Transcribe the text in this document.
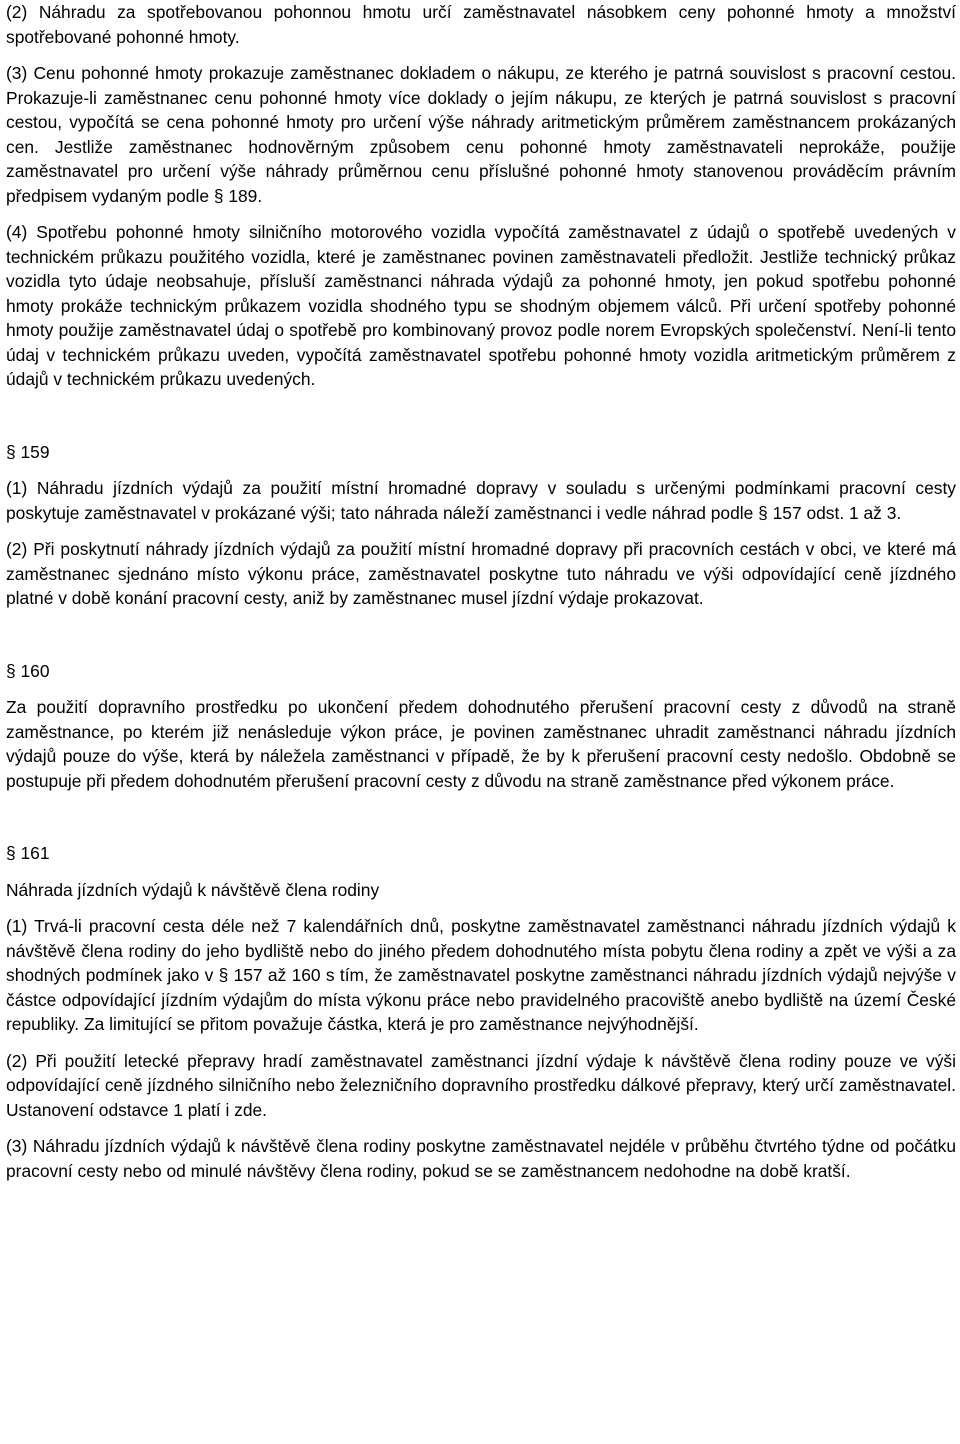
(2) Náhradu za spotřebovanou pohonnou hmotu určí zaměstnavatel násobkem ceny pohonné hmoty a množství spotřebované pohonné hmoty.

(3) Cenu pohonné hmoty prokazuje zaměstnanec dokladem o nákupu, ze kterého je patrná souvislost s pracovní cestou. Prokazuje-li zaměstnanec cenu pohonné hmoty více doklady o jejím nákupu, ze kterých je patrná souvislost s pracovní cestou, vypočítá se cena pohonné hmoty pro určení výše náhrady aritmetickým průměrem zaměstnancem prokázaných cen. Jestliže zaměstnanec hodnověrným způsobem cenu pohonné hmoty zaměstnavateli neprokáže, použije zaměstnavatel pro určení výše náhrady průměrnou cenu příslušné pohonné hmoty stanovenou prováděcím právním předpisem vydaným podle § 189.

(4) Spotřebu pohonné hmoty silničního motorového vozidla vypočítá zaměstnavatel z údajů o spotřebě uvedených v technickém průkazu použitého vozidla, které je zaměstnanec povinen zaměstnavateli předložit. Jestliže technický průkaz vozidla tyto údaje neobsahuje, přísluší zaměstnanci náhrada výdajů za pohonné hmoty, jen pokud spotřebu pohonné hmoty prokáže technickým průkazem vozidla shodného typu se shodným objemem válců. Při určení spotřeby pohonné hmoty použije zaměstnavatel údaj o spotřebě pro kombinovaný provoz podle norem Evropských společenství. Není-li tento údaj v technickém průkazu uveden, vypočítá zaměstnavatel spotřebu pohonné hmoty vozidla aritmetickým průměrem z údajů v technickém průkazu uvedených.

§ 159

(1) Náhradu jízdních výdajů za použití místní hromadné dopravy v souladu s určenými podmínkami pracovní cesty poskytuje zaměstnavatel v prokázané výši; tato náhrada náleží zaměstnanci i vedle náhrad podle § 157 odst. 1 až 3.

(2) Při poskytnutí náhrady jízdních výdajů za použití místní hromadné dopravy při pracovních cestách v obci, ve které má zaměstnanec sjednáno místo výkonu práce, zaměstnavatel poskytne tuto náhradu ve výši odpovídající ceně jízdného platné v době konání pracovní cesty, aniž by zaměstnanec musel jízdní výdaje prokazovat.

§ 160

Za použití dopravního prostředku po ukončení předem dohodnutého přerušení pracovní cesty z důvodů na straně zaměstnance, po kterém již nenásleduje výkon práce, je povinen zaměstnanec uhradit zaměstnanci náhradu jízdních výdajů pouze do výše, která by náležela zaměstnanci v případě, že by k přerušení pracovní cesty nedošlo. Obdobně se postupuje při předem dohodnutém přerušení pracovní cesty z důvodu na straně zaměstnance před výkonem práce.

§ 161

Náhrada jízdních výdajů k návštěvě člena rodiny

(1) Trvá-li pracovní cesta déle než 7 kalendářních dnů, poskytne zaměstnavatel zaměstnanci náhradu jízdních výdajů k návštěvě člena rodiny do jeho bydliště nebo do jiného předem dohodnutého místa pobytu člena rodiny a zpět ve výši a za shodných podmínek jako v § 157 až 160 s tím, že zaměstnavatel poskytne zaměstnanci náhradu jízdních výdajů nejvýše v částce odpovídající jízdním výdajům do místa výkonu práce nebo pravidelného pracoviště anebo bydliště na území České republiky. Za limitující se přitom považuje částka, která je pro zaměstnance nejvýhodnější.

(2) Při použití letecké přepravy hradí zaměstnavatel zaměstnanci jízdní výdaje k návštěvě člena rodiny pouze ve výši odpovídající ceně jízdného silničního nebo železničního dopravního prostředku dálkové přepravy, který určí zaměstnavatel. Ustanovení odstavce 1 platí i zde.

(3) Náhradu jízdních výdajů k návštěvě člena rodiny poskytne zaměstnavatel nejdéle v průběhu čtvrtého týdne od počátku pracovní cesty nebo od minulé návštěvy člena rodiny, pokud se se zaměstnancem nedohodne na době kratší.
